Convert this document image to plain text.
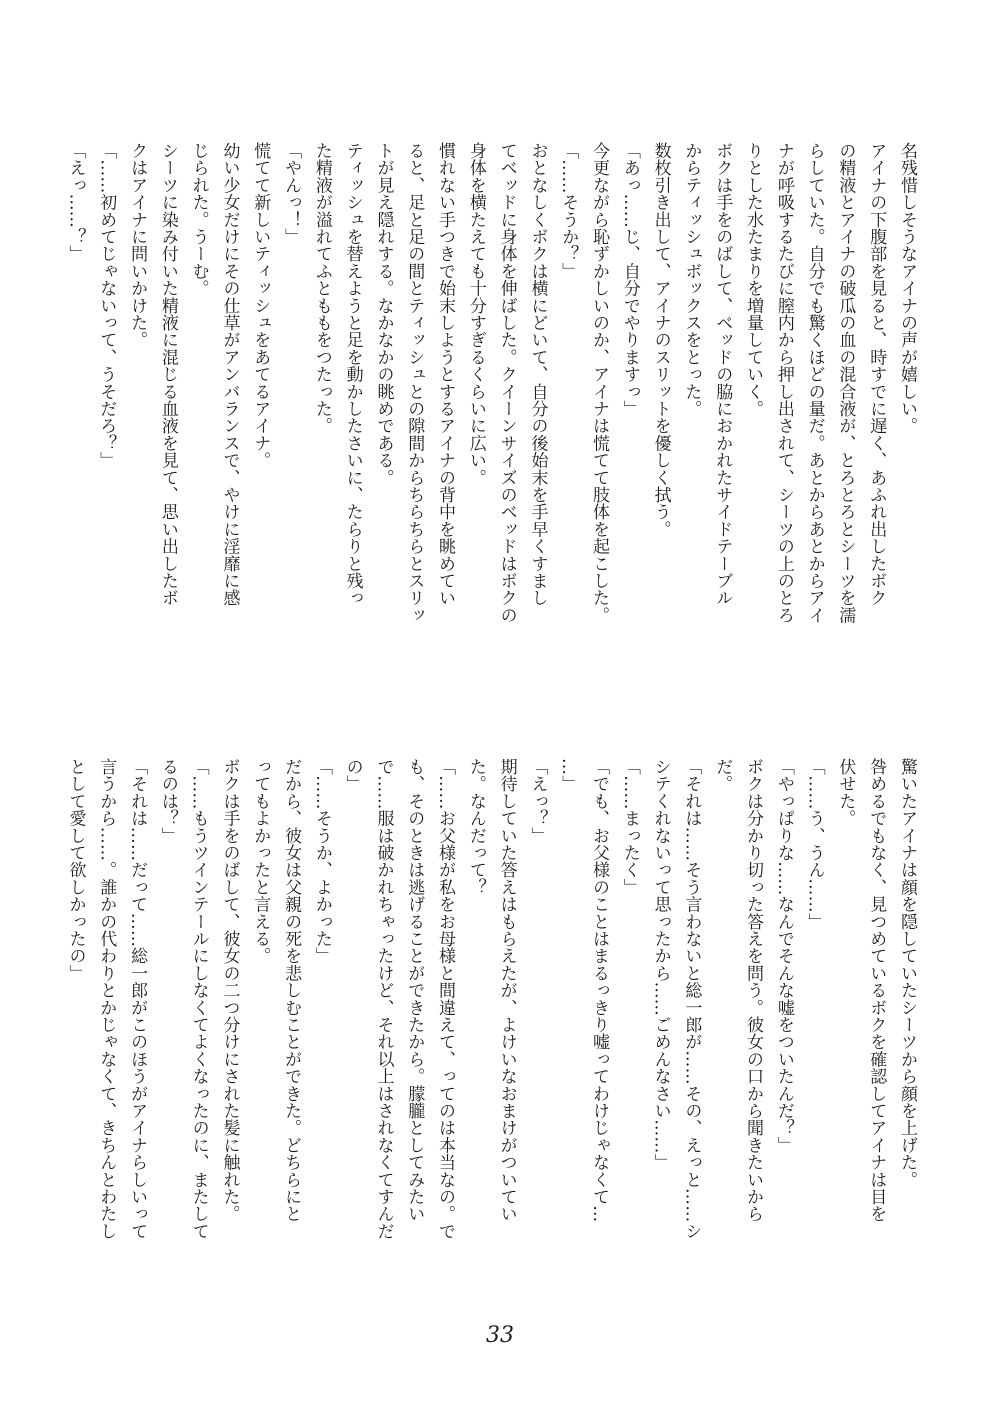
名残惜しそうなアイナの声が嬉しい。
アイナの下腹部を見ると、時すでに遅く、あふれ出したボク
の精液とアイナの破瓜の血の混合液が、とろとろとシーツを濡
らしていた。自分でも驚くほどの量だ。あとからあとからアイ
ナが呼吸するたびに膣内から押し出されて、シーツの上のとろ
りとした水たまりを増量していく。
ボクは手をのばして、ベッドの脇におかれたサイドテーブル
からティッシュボックスをとった。
数枚引き出して、アイナのスリットを優しく拭う。
「あっ……じ、自分でやりますっ」
今更ながら恥ずかしいのか、アイナは慌てて肢体を起こした。
「……そうか？」
おとなしくボクは横にどいて、自分の後始末を手早くすまし
てベッドに身体を伸ばした。クイーンサイズのベッドはボクの
身体を横たえても十分すぎるくらいに広い。
慣れない手つきで始末しようとするアイナの背中を眺めてい
ると、足と足の間とティッシュとの隙間からちらちらとスリッ
トが見え隠れする。なかなかの眺めである。
ティッシュを替えようと足を動かしたさいに、たらりと残っ
た精液が溢れてふとももをつたった。
「やんっ！」
慌てて新しいティッシュをあてるアイナ。
幼い少女だけにその仕草がアンバランスで、やけに淫靡に感
じられた。うーむ。
シーツに染み付いた精液に混じる血液を見て、思い出したボ
クはアイナに問いかけた。
「……初めてじゃないって、うそだろ？」
「えっ……？」
驚いたアイナは顔を隠していたシーツから顔を上げた。
咎めるでもなく、見つめているボクを確認してアイナは目を
伏せた。
「……う、うん……」
「やっぱりな……なんでそんな嘘をついたんだ？」
ボクは分かり切った答えを問う。彼女の口から聞きたいから
だ。
「それは……そう言わないと総一郎が……その、えっと……シ
シテくれないって思ったから……ごめんなさい……」
「……まったく」
「でも、お父様のことはまるっきり嘘ってわけじゃなくて…
…」
「えっ？」
期待していた答えはもらえたが、よけいなおまけがついてい
た。なんだって？
「……お父様が私をお母様と間違えて、ってのは本当なの。で
も、そのときは逃げることができたから。朦朧としてみたい
で……服は破かれちゃったけど、それ以上はされなくてすんだ
の」
「……そうか、よかった」
だから、彼女は父親の死を悲しむことができた。どちらにと
ってもよかったと言える。
ボクは手をのばして、彼女の二つ分けにされた髪に触れた。
「……もうツインテールにしなくてよくなったのに、またして
るのは？」
「それは……だって……総一郎がこのほうがアイナらしいって
言うから……。誰かの代わりとかじゃなくて、きちんとわたし
として愛して欲しかったの」
33
